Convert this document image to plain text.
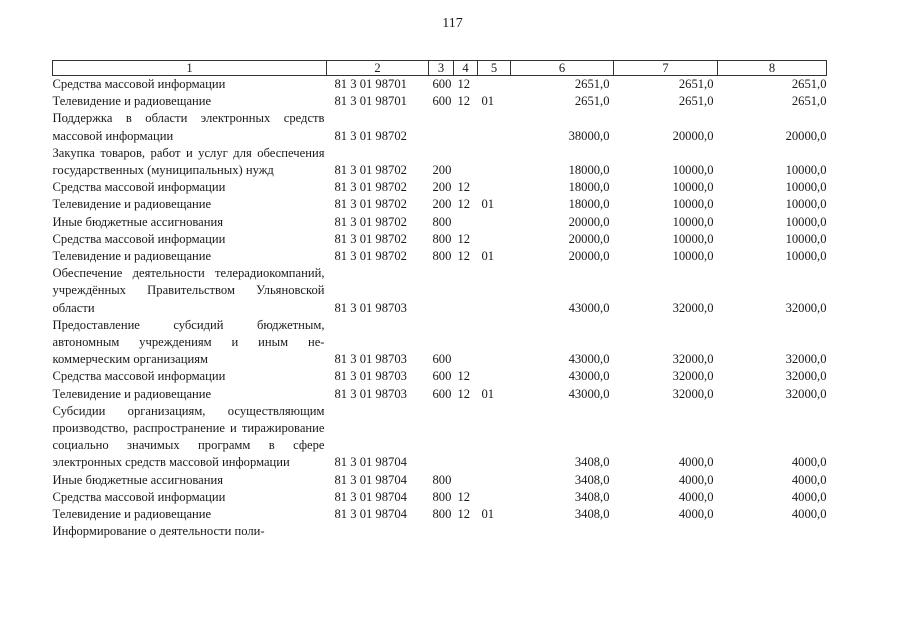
117
1	2	3	4	5	6	7	8
Средства массовой информации	81 3 01 98701	600	12		2651,0	2651,0	2651,0
Телевидение и радиовещание	81 3 01 98701	600	12	01	2651,0	2651,0	2651,0
Поддержка в области электронных средств массовой информации	81 3 01 98702				38000,0	20000,0	20000,0
Закупка товаров, работ и услуг для обеспечения государственных (муниципальных) нужд	81 3 01 98702	200			18000,0	10000,0	10000,0
Средства массовой информации	81 3 01 98702	200	12		18000,0	10000,0	10000,0
Телевидение и радиовещание	81 3 01 98702	200	12	01	18000,0	10000,0	10000,0
Иные бюджетные ассигнования	81 3 01 98702	800			20000,0	10000,0	10000,0
Средства массовой информации	81 3 01 98702	800	12		20000,0	10000,0	10000,0
Телевидение и радиовещание	81 3 01 98702	800	12	01	20000,0	10000,0	10000,0
Обеспечение деятельности телерадиокомпаний, учреждённых Правительством Ульяновской области	81 3 01 98703				43000,0	32000,0	32000,0
Предоставление субсидий бюджетным, автономным учреждениям и иным некоммерческим организациям	81 3 01 98703	600			43000,0	32000,0	32000,0
Средства массовой информации	81 3 01 98703	600	12		43000,0	32000,0	32000,0
Телевидение и радиовещание	81 3 01 98703	600	12	01	43000,0	32000,0	32000,0
Субсидии организациям, осуществляющим производство, распространение и тиражирование социально значимых программ в сфере электронных средств массовой информации	81 3 01 98704				3408,0	4000,0	4000,0
Иные бюджетные ассигнования	81 3 01 98704	800			3408,0	4000,0	4000,0
Средства массовой информации	81 3 01 98704	800	12		3408,0	4000,0	4000,0
Телевидение и радиовещание	81 3 01 98704	800	12	01	3408,0	4000,0	4000,0
Информирование о деятельности поли-							
